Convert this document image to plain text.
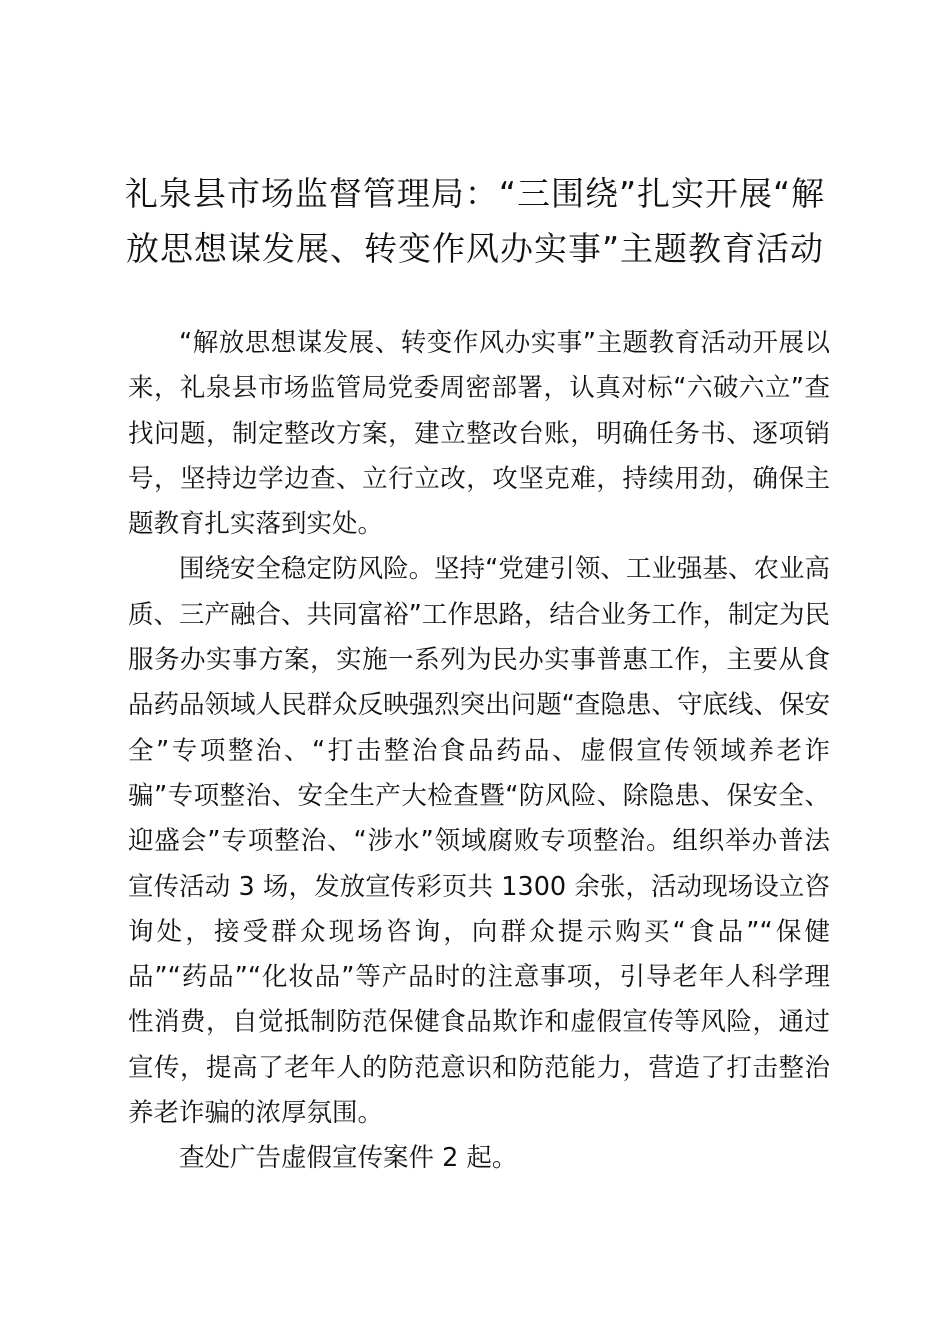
礼泉县市场监督管理局：“三围绕”扎实开展“解放思想谋发展、转变作风办实事”主题教育活动

“解放思想谋发展、转变作风办实事”主题教育活动开展以来，礼泉县市场监管局党委周密部署，认真对标“六破六立”查找问题，制定整改方案，建立整改台账，明确任务书、逐项销号，坚持边学边查、立行立改，攻坚克难，持续用劲，确保主题教育扎实落到实处。

围绕安全稳定防风险。坚持“党建引领、工业强基、农业高质、三产融合、共同富裕”工作思路，结合业务工作，制定为民服务办实事方案，实施一系列为民办实事普惠工作，主要从食品药品领域人民群众反映强烈突出问题“查隐患、守底线、保安全”专项整治、“打击整治食品药品、虚假宣传领域养老诈骗”专项整治、安全生产大检查暨“防风险、除隐患、保安全、迎盛会”专项整治、“涉水”领域腐败专项整治。组织举办普法宣传活动 3 场，发放宣传彩页共 1300 余张，活动现场设立咨询处，接受群众现场咨询，向群众提示购买“食品”“保健品”“药品”“化妆品”等产品时的注意事项，引导老年人科学理性消费，自觉抵制防范保健食品欺诈和虚假宣传等风险，通过宣传，提高了老年人的防范意识和防范能力，营造了打击整治养老诈骗的浓厚氛围。

查处广告虚假宣传案件 2 起。
